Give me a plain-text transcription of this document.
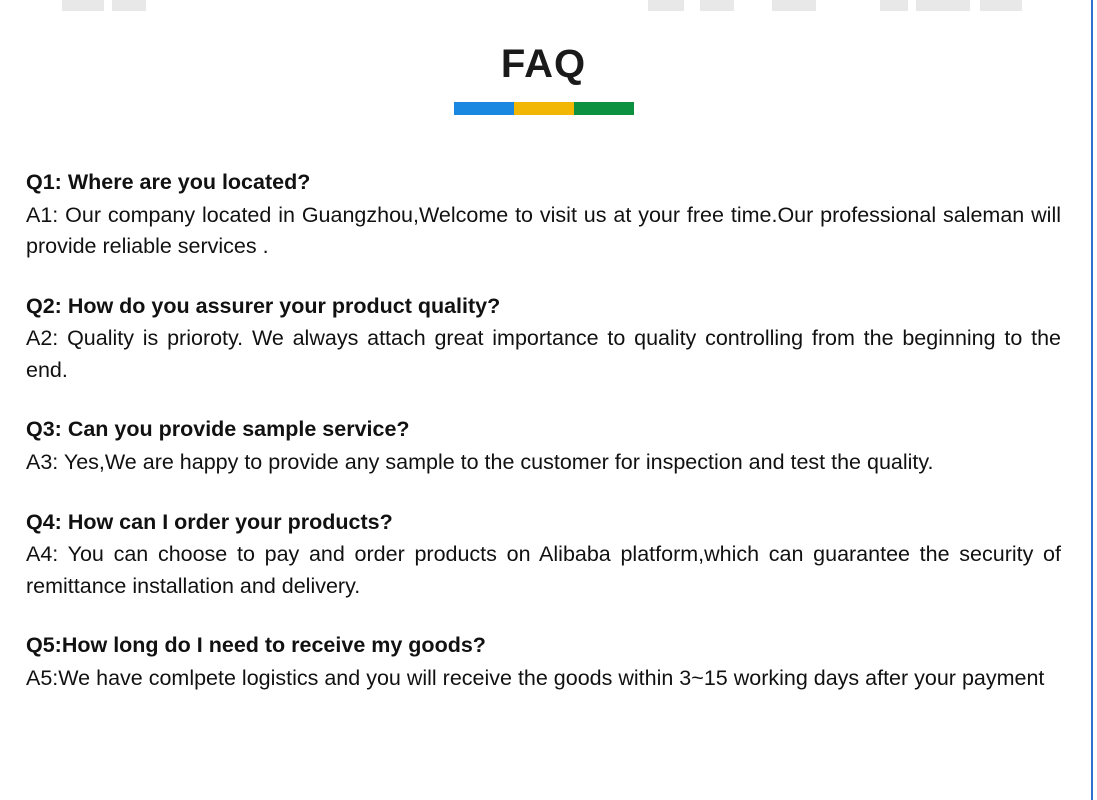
FAQ

Q1: Where are you located?

A1: Our company located in Guangzhou,Welcome to visit us at your free time.Our professional saleman will provide reliable services .

Q2: How do you assurer your product quality?

A2: Quality is prioroty. We always attach great importance to quality controlling from the beginning to the end.

Q3: Can you provide sample service?

A3: Yes,We are happy to provide any sample to the customer for inspection and test the quality.

Q4: How can I order your products?

A4: You can choose to pay and order products on Alibaba platform,which can guarantee the security of remittance installation and delivery.

Q5:How long do I need to receive my goods?

A5:We have comlpete logistics and you will receive the goods within 3~15 working days after your payment
